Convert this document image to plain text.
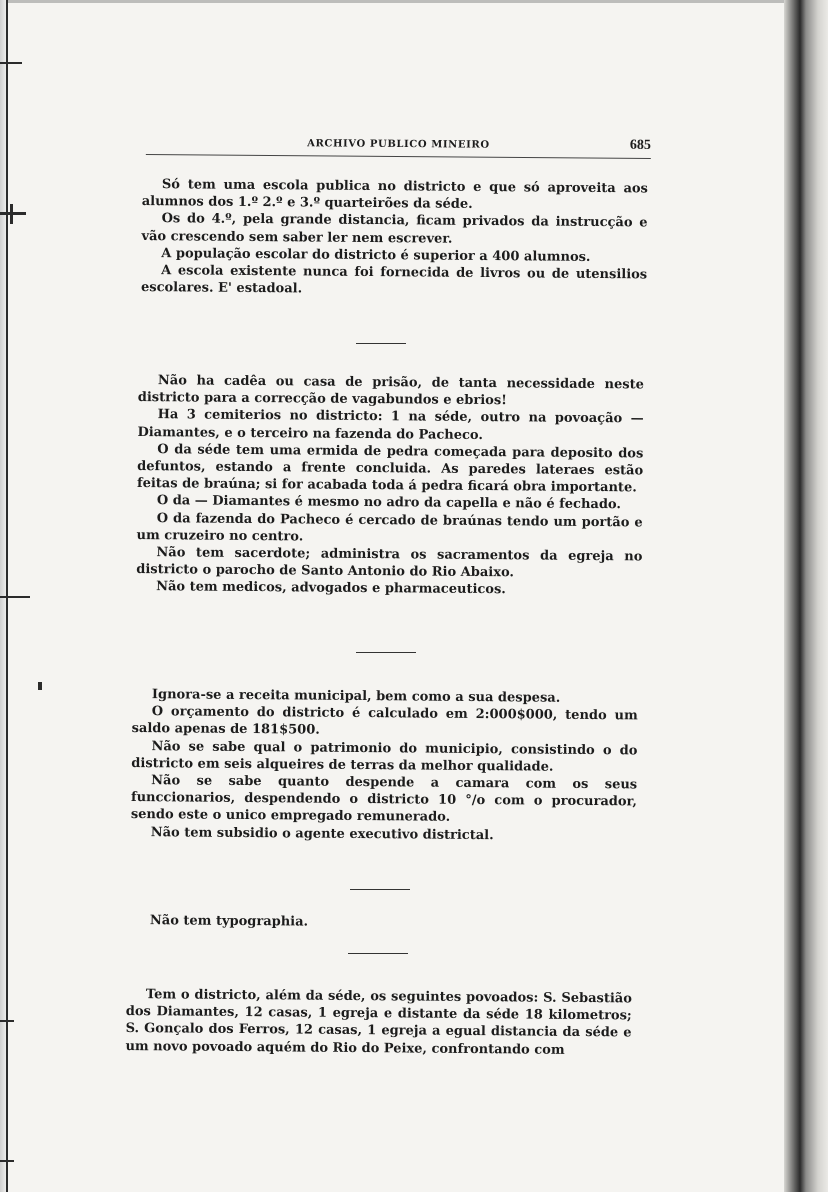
ARCHIVO PUBLICO MINEIRO	685

Só tem uma escola publica no districto e que só aproveita aos alumnos dos 1.º 2.º e 3.º quarteirões da séde.

Os do 4.º, pela grande distancia, ficam privados da instrucção e vão crescendo sem saber ler nem escrever.

A população escolar do districto é superior a 400 alumnos.

A escola existente nunca foi fornecida de livros ou de utensilios escolares. E' estadoal.

Não ha cadêa ou casa de prisão, de tanta necessidade neste districto para a correcção de vagabundos e ebrios!

Ha 3 cemiterios no districto: 1 na séde, outro na povoação — Diamantes, e o terceiro na fazenda do Pacheco.

O da séde tem uma ermida de pedra começada para deposito dos defuntos, estando a frente concluida. As paredes lateraes estão feitas de braúna; si for acabada toda á pedra ficará obra importante.

O da — Diamantes é mesmo no adro da capella e não é fechado.

O da fazenda do Pacheco é cercado de braúnas tendo um portão e um cruzeiro no centro.

Não tem sacerdote; administra os sacramentos da egreja no districto o parocho de Santo Antonio do Rio Abaixo.

Não tem medicos, advogados e pharmaceuticos.

Ignora-se a receita municipal, bem como a sua despesa.

O orçamento do districto é calculado em 2:000$000, tendo um saldo apenas de 181$500.

Não se sabe qual o patrimonio do municipio, consistindo o do districto em seis alqueires de terras da melhor qualidade.

Não se sabe quanto despende a camara com os seus funccionarios, despendendo o districto 10 °/o com o procurador, sendo este o unico empregado remunerado.

Não tem subsidio o agente executivo districtal.

Não tem typographia.

Tem o districto, além da séde, os seguintes povoados: S. Sebastião dos Diamantes, 12 casas, 1 egreja e distante da séde 18 kilometros; S. Gonçalo dos Ferros, 12 casas, 1 egreja a egual distancia da séde e um novo povoado aquém do Rio do Peixe, confrontando com
